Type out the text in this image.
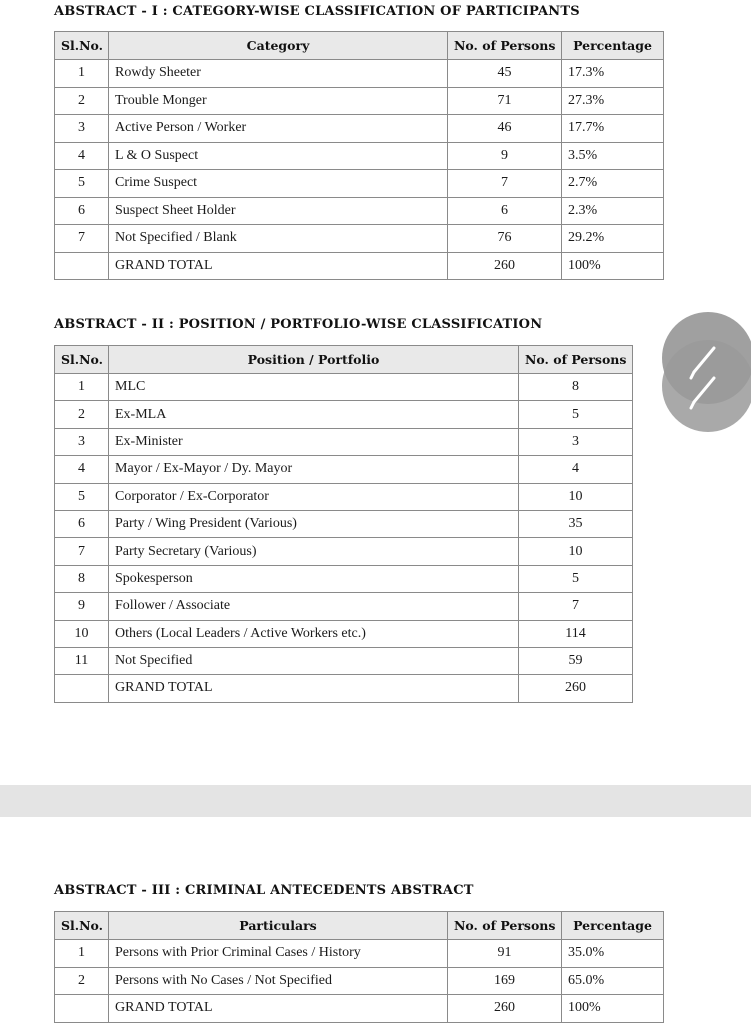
ABSTRACT - I : CATEGORY-WISE CLASSIFICATION OF PARTICIPANTS
Sl.No.	Category	No. of Persons	Percentage
1	Rowdy Sheeter	45	17.3%
2	Trouble Monger	71	27.3%
3	Active Person / Worker	46	17.7%
4	L & O Suspect	9	3.5%
5	Crime Suspect	7	2.7%
6	Suspect Sheet Holder	6	2.3%
7	Not Specified / Blank	76	29.2%
	GRAND TOTAL	260	100%
ABSTRACT - II : POSITION / PORTFOLIO-WISE CLASSIFICATION
Sl.No.	Position / Portfolio	No. of Persons
1	MLC	8
2	Ex-MLA	5
3	Ex-Minister	3
4	Mayor / Ex-Mayor / Dy. Mayor	4
5	Corporator / Ex-Corporator	10
6	Party / Wing President (Various)	35
7	Party Secretary (Various)	10
8	Spokesperson	5
9	Follower / Associate	7
10	Others (Local Leaders / Active Workers etc.)	114
11	Not Specified	59
	GRAND TOTAL	260
ABSTRACT - III : CRIMINAL ANTECEDENTS ABSTRACT
Sl.No.	Particulars	No. of Persons	Percentage
1	Persons with Prior Criminal Cases / History	91	35.0%
2	Persons with No Cases / Not Specified	169	65.0%
	GRAND TOTAL	260	100%
